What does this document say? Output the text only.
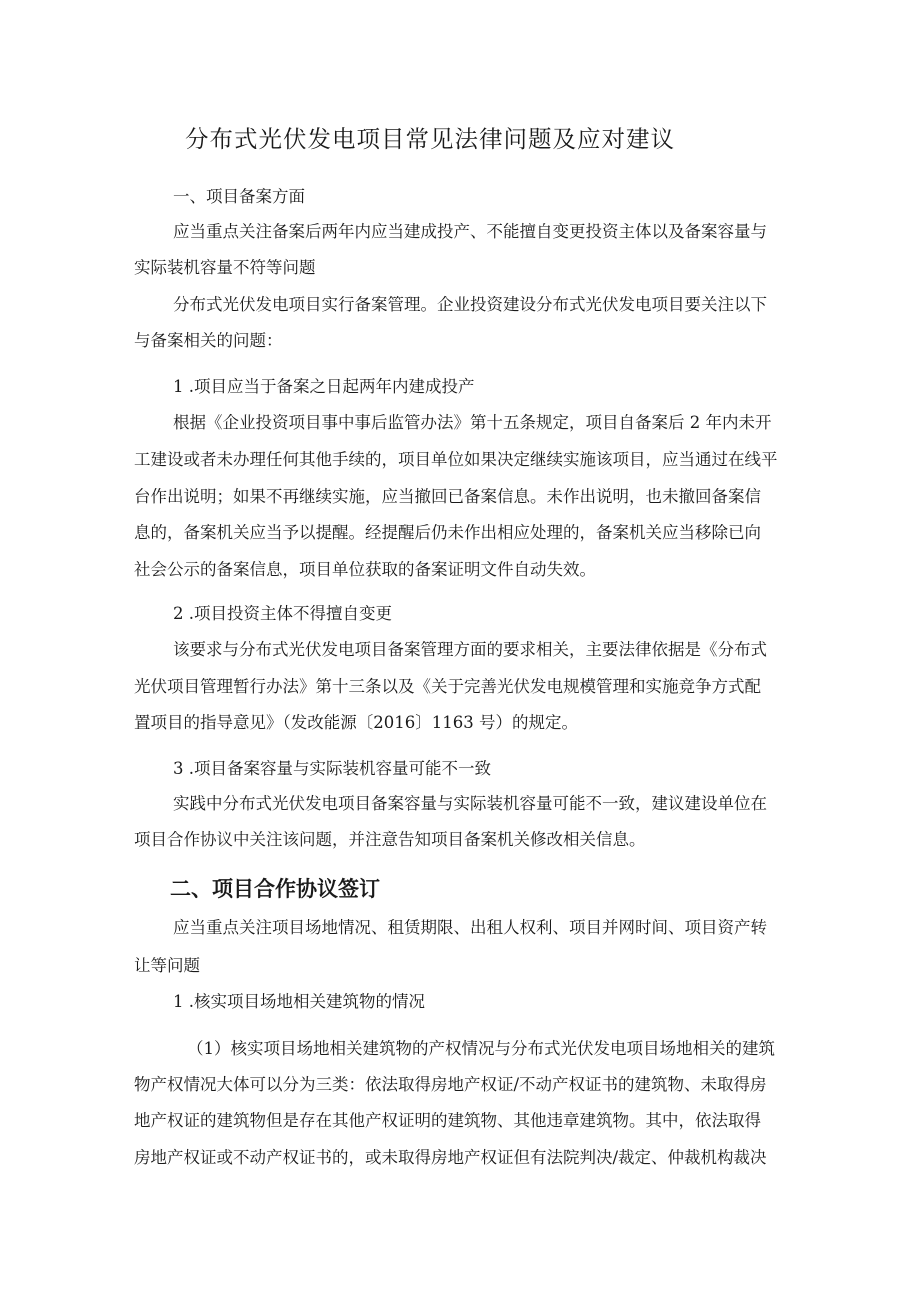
分布式光伏发电项目常见法律问题及应对建议
一、项目备案方面
应当重点关注备案后两年内应当建成投产、不能擅自变更投资主体以及备案容量与
实际装机容量不符等问题
分布式光伏发电项目实行备案管理。企业投资建设分布式光伏发电项目要关注以下
与备案相关的问题：
1 .项目应当于备案之日起两年内建成投产
根据《企业投资项目事中事后监管办法》第十五条规定，项目自备案后 2 年内未开
工建设或者未办理任何其他手续的，项目单位如果决定继续实施该项目，应当通过在线平
台作出说明；如果不再继续实施，应当撤回已备案信息。未作出说明，也未撤回备案信
息的，备案机关应当予以提醒。经提醒后仍未作出相应处理的，备案机关应当移除已向
社会公示的备案信息，项目单位获取的备案证明文件自动失效。
2 .项目投资主体不得擅自变更
该要求与分布式光伏发电项目备案管理方面的要求相关，主要法律依据是《分布式
光伏项目管理暂行办法》第十三条以及《关于完善光伏发电规模管理和实施竞争方式配
置项目的指导意见》（发改能源〔2016〕1163 号）的规定。
3 .项目备案容量与实际装机容量可能不一致
实践中分布式光伏发电项目备案容量与实际装机容量可能不一致，建议建设单位在
项目合作协议中关注该问题，并注意告知项目备案机关修改相关信息。
二、项目合作协议签订
应当重点关注项目场地情况、租赁期限、出租人权利、项目并网时间、项目资产转
让等问题
1 .核实项目场地相关建筑物的情况
（1）核实项目场地相关建筑物的产权情况与分布式光伏发电项目场地相关的建筑
物产权情况大体可以分为三类：依法取得房地产权证/不动产权证书的建筑物、未取得房
地产权证的建筑物但是存在其他产权证明的建筑物、其他违章建筑物。其中，依法取得
房地产权证或不动产权证书的，或未取得房地产权证但有法院判决/裁定、仲裁机构裁决
